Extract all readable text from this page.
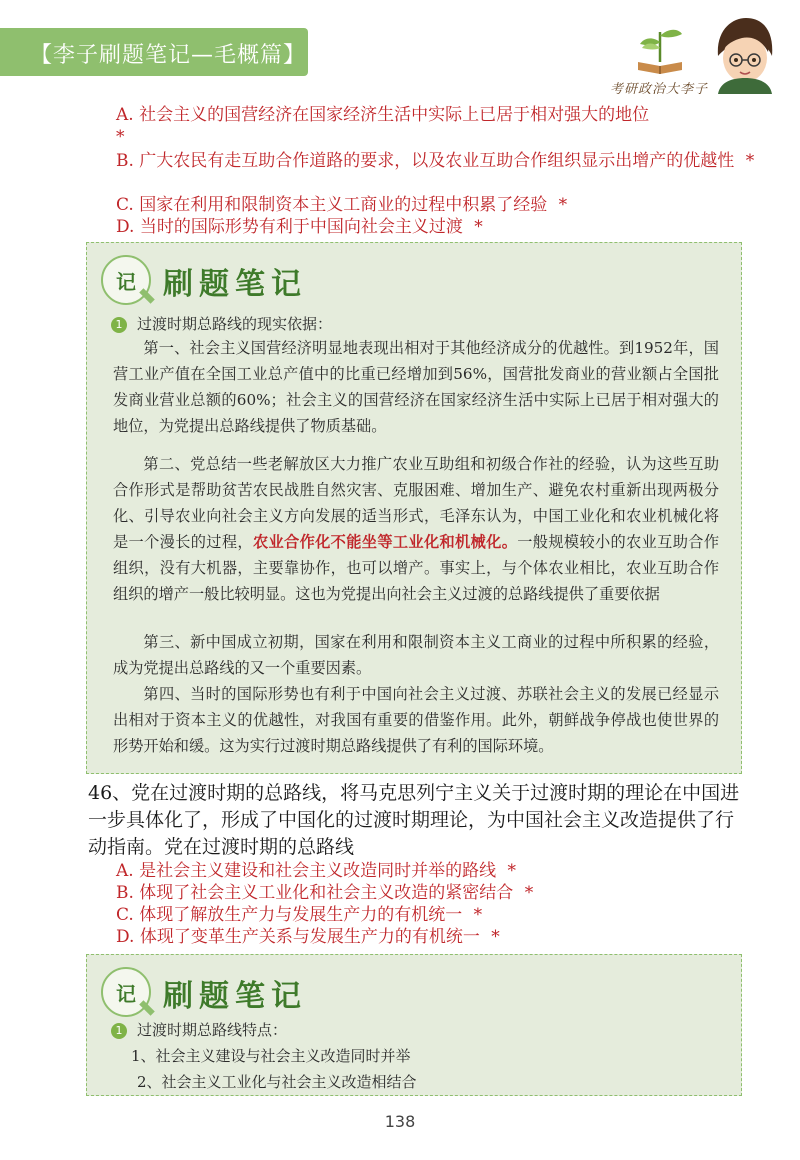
【李子刷题笔记—毛概篇】
考研政治大李子
A. 社会主义的国营经济在国家经济生活中实际上已居于相对强大的地位
*
B. 广大农民有走互助合作道路的要求，以及农业互助合作组织显示出增产的优越性 *
C. 国家在利用和限制资本主义工商业的过程中积累了经验 *
D. 当时的国际形势有利于中国向社会主义过渡 *
记 刷题笔记
1 过渡时期总路线的现实依据：

第一、社会主义国营经济明显地表现出相对于其他经济成分的优越性。到1952年，国营工业产值在全国工业总产值中的比重已经增加到56%，国营批发商业的营业额占全国批发商业营业总额的60%；社会主义的国营经济在国家经济生活中实际上已居于相对强大的地位，为党提出总路线提供了物质基础。

第二、党总结一些老解放区大力推广农业互助组和初级合作社的经验，认为这些互助合作形式是帮助贫苦农民战胜自然灾害、克服困难、增加生产、避免农村重新出现两极分化、引导农业向社会主义方向发展的适当形式，毛泽东认为，中国工业化和农业机械化将是一个漫长的过程，农业合作化不能坐等工业化和机械化。一般规模较小的农业互助合作组织，没有大机器，主要靠协作，也可以增产。事实上，与个体农业相比，农业互助合作组织的增产一般比较明显。这也为党提出向社会主义过渡的总路线提供了重要依据

第三、新中国成立初期，国家在利用和限制资本主义工商业的过程中所积累的经验，成为党提出总路线的又一个重要因素。

第四、当时的国际形势也有利于中国向社会主义过渡、苏联社会主义的发展已经显示出相对于资本主义的优越性，对我国有重要的借鉴作用。此外，朝鲜战争停战也使世界的形势开始和缓。这为实行过渡时期总路线提供了有利的国际环境。

46、党在过渡时期的总路线，将马克思列宁主义关于过渡时期的理论在中国进一步具体化了，形成了中国化的过渡时期理论，为中国社会主义改造提供了行动指南。党在过渡时期的总路线

A. 是社会主义建设和社会主义改造同时并举的路线 *
B. 体现了社会主义工业化和社会主义改造的紧密结合 *
C. 体现了解放生产力与发展生产力的有机统一 *
D. 体现了变革生产关系与发展生产力的有机统一 *
记 刷题笔记
1 过渡时期总路线特点：
1、社会主义建设与社会主义改造同时并举
2、社会主义工业化与社会主义改造相结合
138
